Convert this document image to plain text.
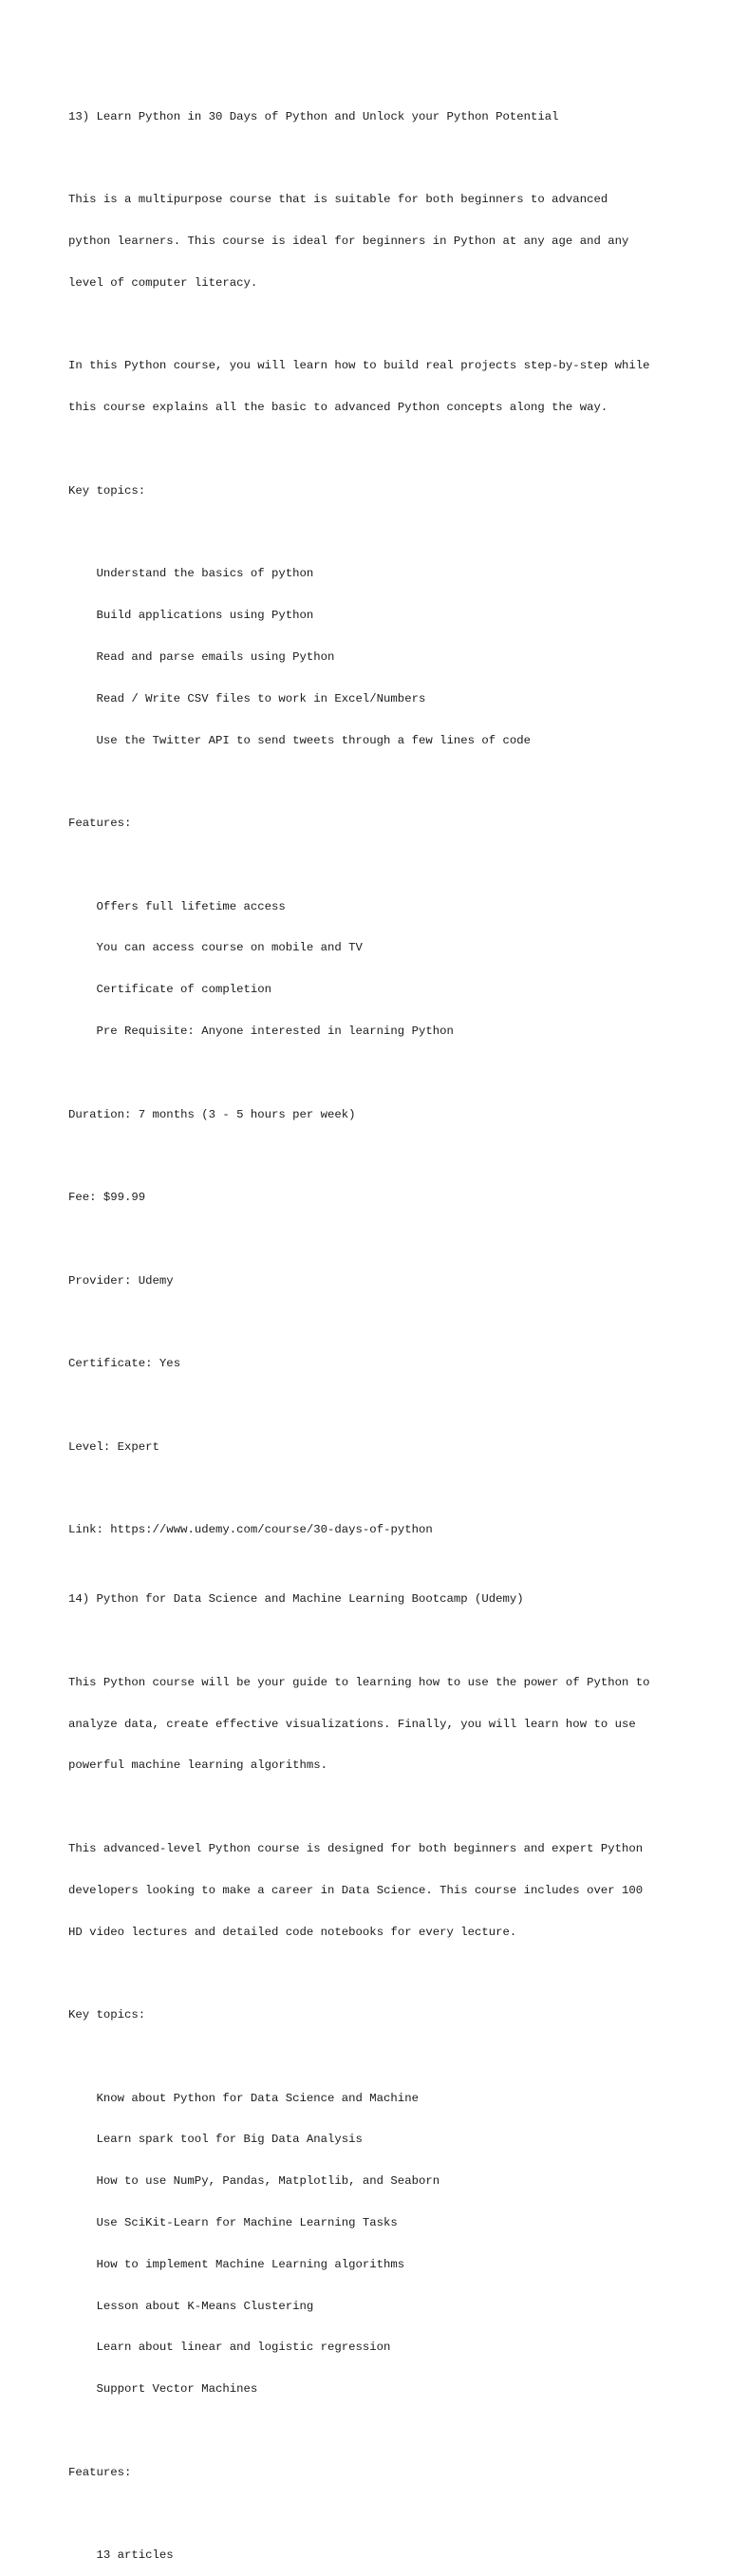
13) Learn Python in 30 Days of Python and Unlock your Python Potential

This is a multipurpose course that is suitable for both beginners to advanced

python learners. This course is ideal for beginners in Python at any age and any

level of computer literacy.

In this Python course, you will learn how to build real projects step-by-step while

this course explains all the basic to advanced Python concepts along the way.

Key topics:

Understand the basics of python

Build applications using Python

Read and parse emails using Python

Read / Write CSV files to work in Excel/Numbers

Use the Twitter API to send tweets through a few lines of code

Features:

Offers full lifetime access

You can access course on mobile and TV

Certificate of completion

Pre Requisite: Anyone interested in learning Python

Duration: 7 months (3 - 5 hours per week)

Fee: $99.99

Provider: Udemy

Certificate: Yes

Level: Expert

Link: https://www.udemy.com/course/30-days-of-python

14) Python for Data Science and Machine Learning Bootcamp (Udemy)

This Python course will be your guide to learning how to use the power of Python to

analyze data, create effective visualizations. Finally, you will learn how to use

powerful machine learning algorithms.

This advanced-level Python course is designed for both beginners and expert Python

developers looking to make a career in Data Science. This course includes over 100

HD video lectures and detailed code notebooks for every lecture.

Key topics:

Know about Python for Data Science and Machine

Learn spark tool for Big Data Analysis

How to use NumPy, Pandas, Matplotlib, and Seaborn

Use SciKit-Learn for Machine Learning Tasks

How to implement Machine Learning algorithms

Lesson about K-Means Clustering

Learn about linear and logistic regression

Support Vector Machines

Features:

13 articles
